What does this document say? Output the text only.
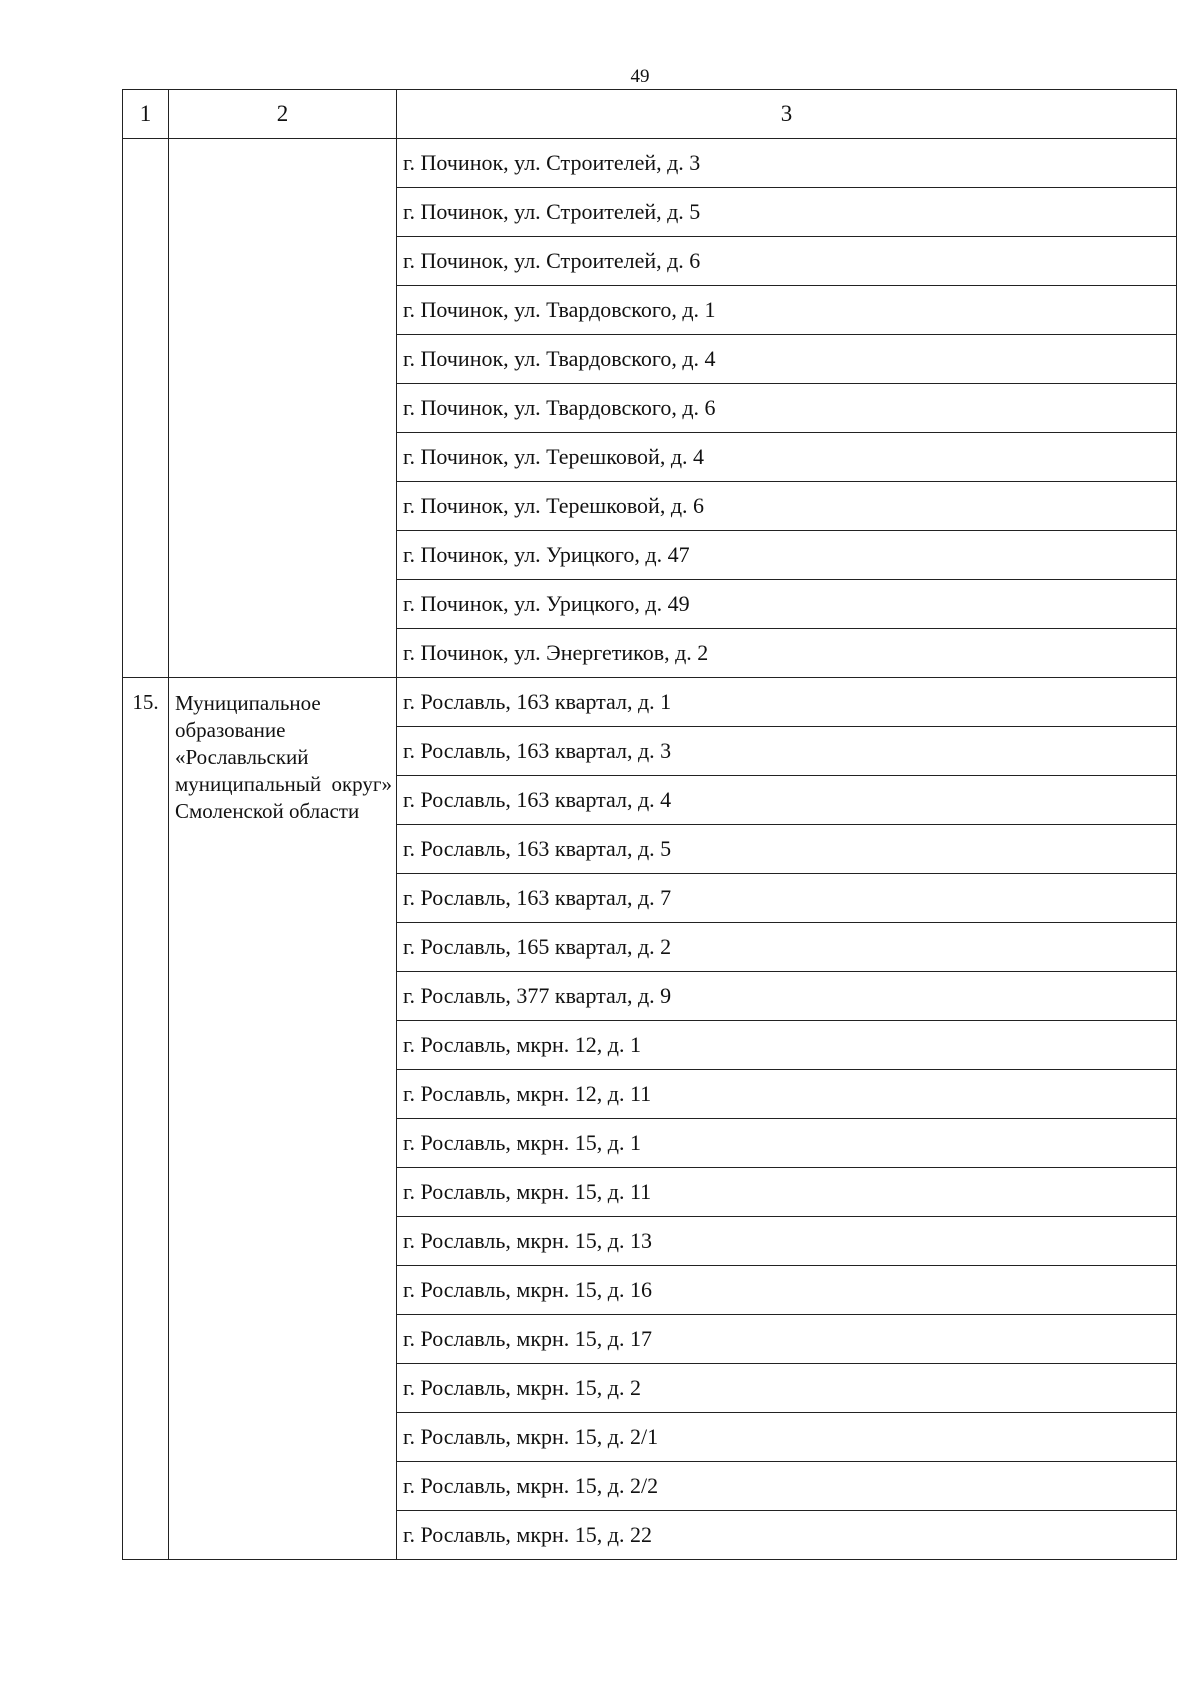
49
1	2	3
		г. Починок, ул. Строителей, д. 3
		г. Починок, ул. Строителей, д. 5
		г. Починок, ул. Строителей, д. 6
		г. Починок, ул. Твардовского, д. 1
		г. Починок, ул. Твардовского, д. 4
		г. Починок, ул. Твардовского, д. 6
		г. Починок, ул. Терешковой, д. 4
		г. Починок, ул. Терешковой, д. 6
		г. Починок, ул. Урицкого, д. 47
		г. Починок, ул. Урицкого, д. 49
		г. Починок, ул. Энергетиков, д. 2
15.	Муниципальное образование «Рославльский муниципальный округ» Смоленской области	г. Рославль, 163 квартал, д. 1
		г. Рославль, 163 квартал, д. 3
		г. Рославль, 163 квартал, д. 4
		г. Рославль, 163 квартал, д. 5
		г. Рославль, 163 квартал, д. 7
		г. Рославль, 165 квартал, д. 2
		г. Рославль, 377 квартал, д. 9
		г. Рославль, мкрн. 12, д. 1
		г. Рославль, мкрн. 12, д. 11
		г. Рославль, мкрн. 15, д. 1
		г. Рославль, мкрн. 15, д. 11
		г. Рославль, мкрн. 15, д. 13
		г. Рославль, мкрн. 15, д. 16
		г. Рославль, мкрн. 15, д. 17
		г. Рославль, мкрн. 15, д. 2
		г. Рославль, мкрн. 15, д. 2/1
		г. Рославль, мкрн. 15, д. 2/2
		г. Рославль, мкрн. 15, д. 22
